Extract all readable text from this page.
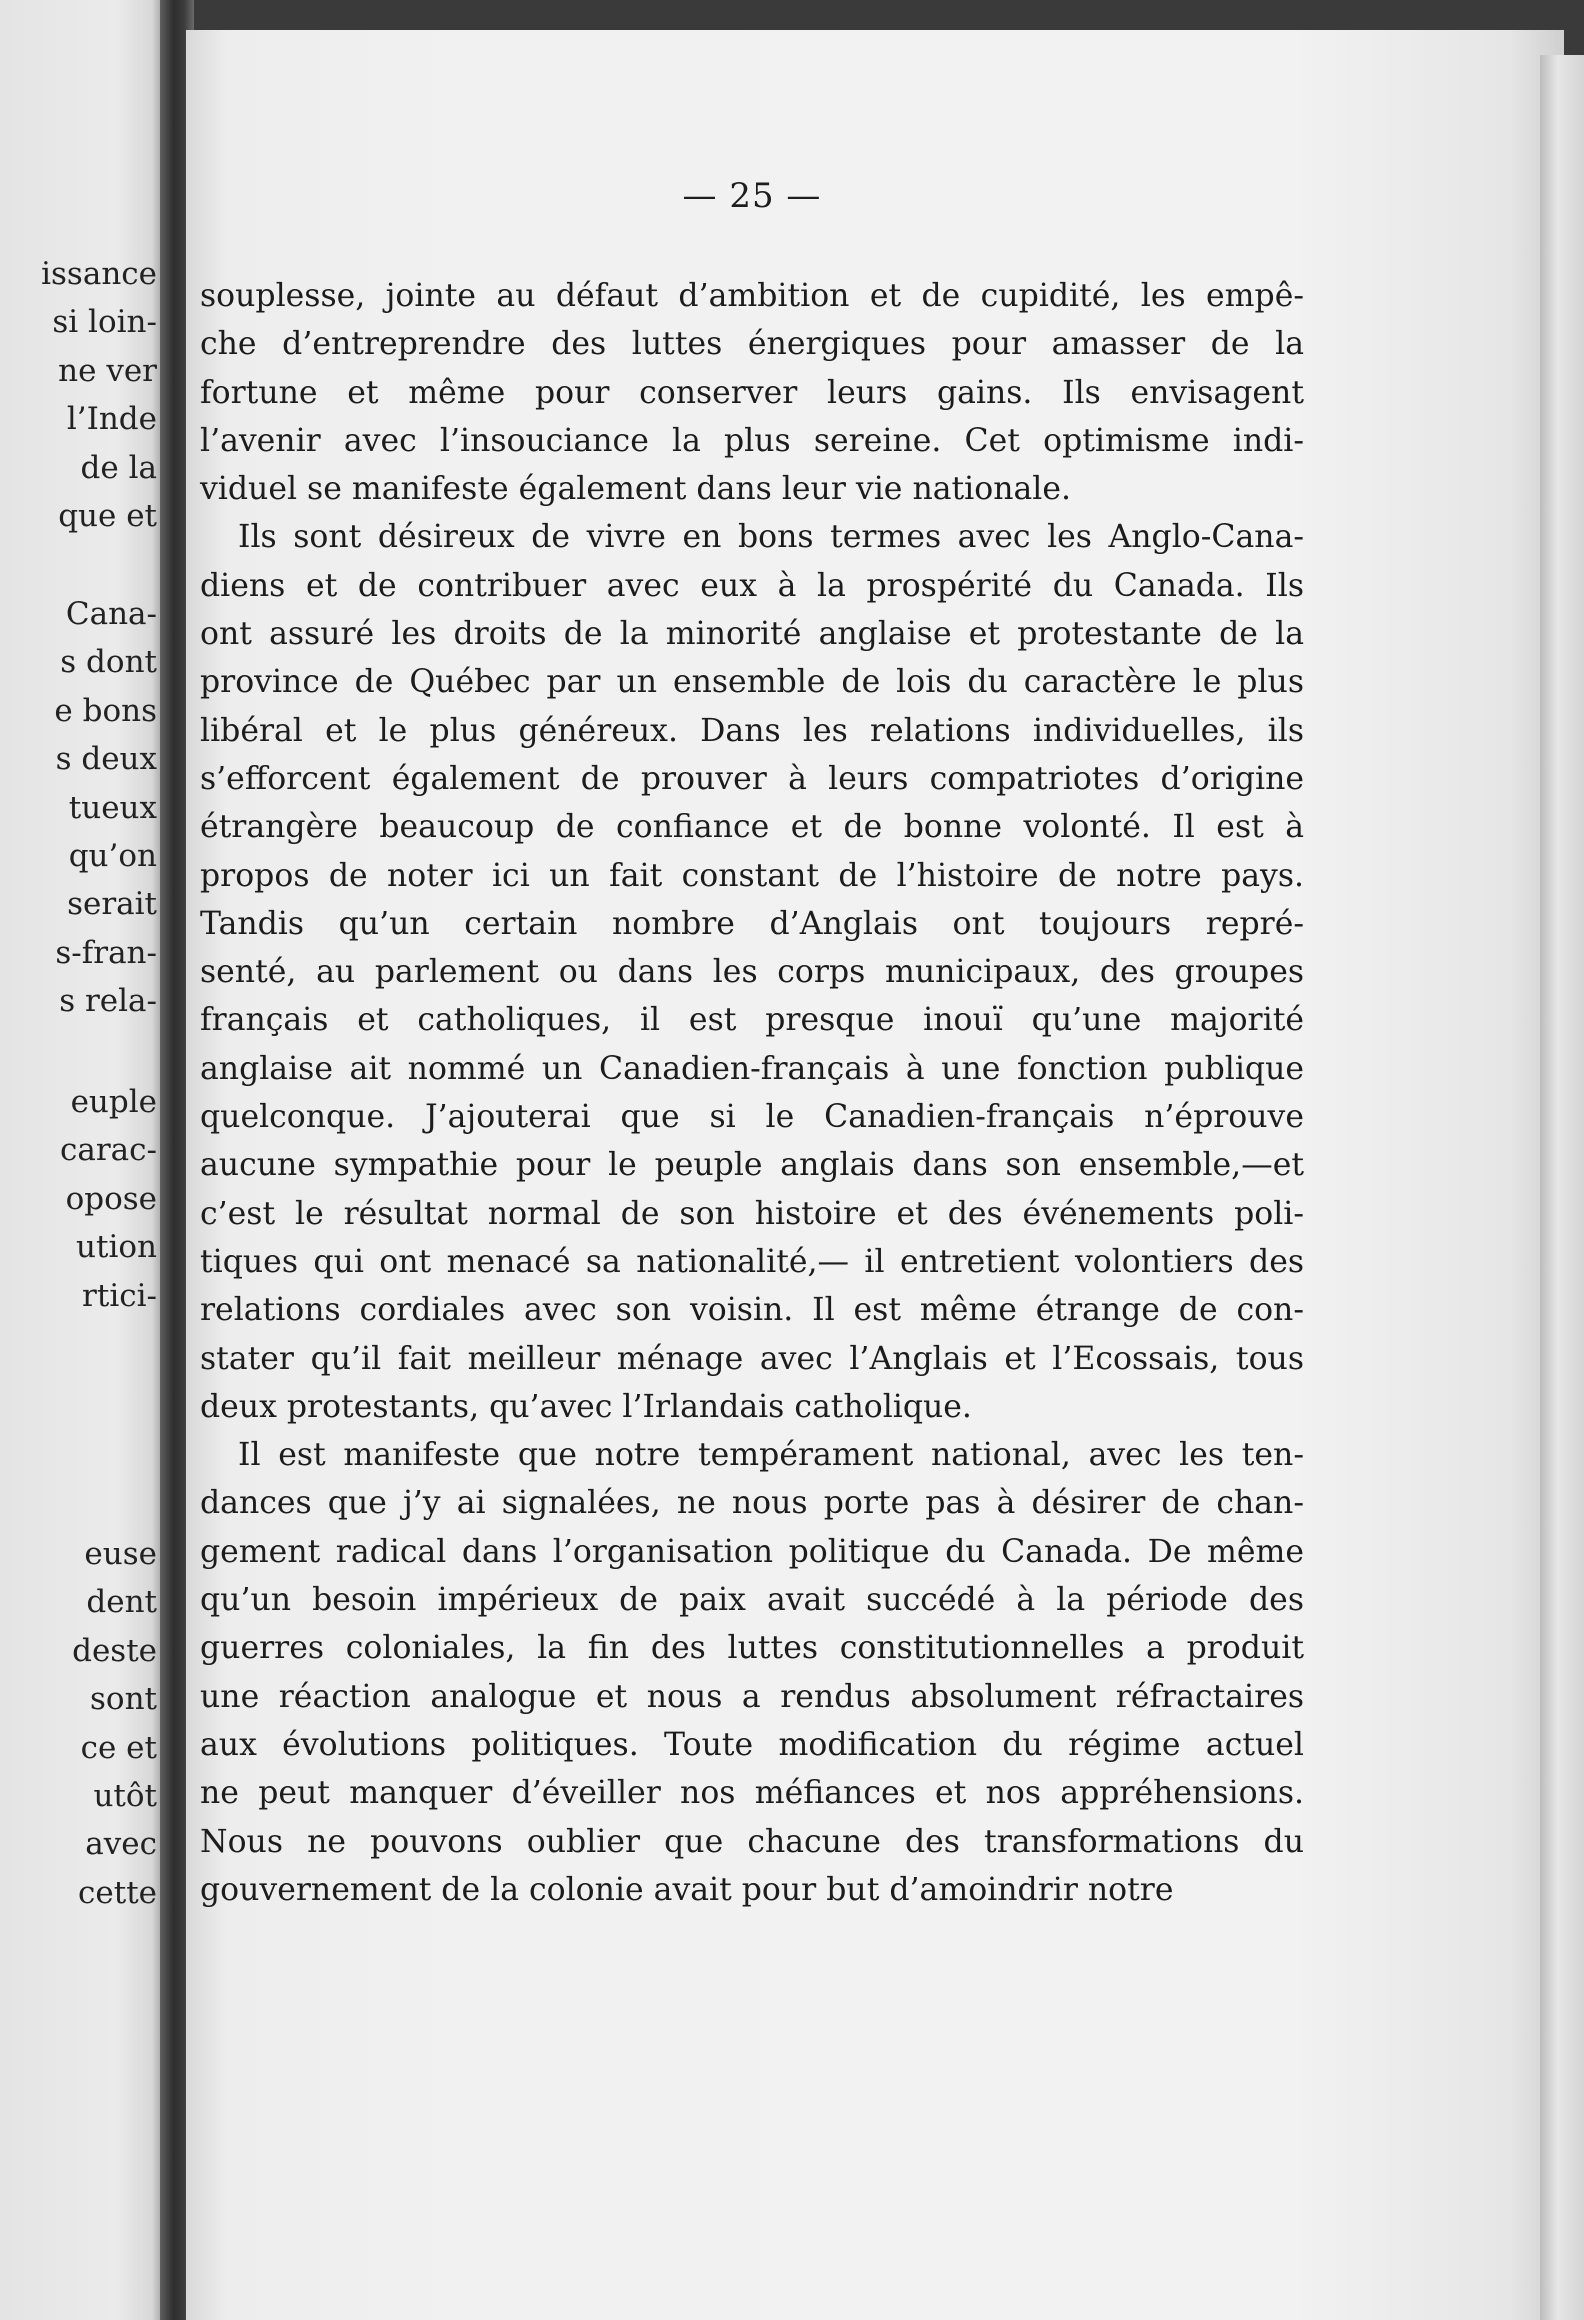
issance
si loin-
ne ver
l’Inde
de la
que et
Cana-
s dont
e bons
s deux
tueux
qu’on
serait
s-fran-
s rela-
euple
carac-
opose
ution
rtici-
euse
dent
deste
sont
ce et
utôt
avec
cette
— 25 —

souplesse, jointe au défaut d’ambition et de cupidité, les empê-
che d’entreprendre des luttes énergiques pour amasser de la
fortune et même pour conserver leurs gains. Ils envisagent
l’avenir avec l’insouciance la plus sereine. Cet optimisme indi-
viduel se manifeste également dans leur vie nationale.

Ils sont désireux de vivre en bons termes avec les Anglo-Cana-
diens et de contribuer avec eux à la prospérité du Canada. Ils
ont assuré les droits de la minorité anglaise et protestante de la
province de Québec par un ensemble de lois du caractère le plus
libéral et le plus généreux. Dans les relations individuelles, ils
s’efforcent également de prouver à leurs compatriotes d’origine
étrangère beaucoup de confiance et de bonne volonté. Il est à
propos de noter ici un fait constant de l’histoire de notre pays.
Tandis qu’un certain nombre d’Anglais ont toujours repré-
senté, au parlement ou dans les corps municipaux, des groupes
français et catholiques, il est presque inouï qu’une majorité
anglaise ait nommé un Canadien-français à une fonction publique
quelconque. J’ajouterai que si le Canadien-français n’éprouve
aucune sympathie pour le peuple anglais dans son ensemble,—et
c’est le résultat normal de son histoire et des événements poli-
tiques qui ont menacé sa nationalité,— il entretient volontiers des
relations cordiales avec son voisin. Il est même étrange de con-
stater qu’il fait meilleur ménage avec l’Anglais et l’Ecossais, tous
deux protestants, qu’avec l’Irlandais catholique.

Il est manifeste que notre tempérament national, avec les ten-
dances que j’y ai signalées, ne nous porte pas à désirer de chan-
gement radical dans l’organisation politique du Canada. De même
qu’un besoin impérieux de paix avait succédé à la période des
guerres coloniales, la fin des luttes constitutionnelles a produit
une réaction analogue et nous a rendus absolument réfractaires
aux évolutions politiques. Toute modification du régime actuel
ne peut manquer d’éveiller nos méfiances et nos appréhensions.
Nous ne pouvons oublier que chacune des transformations du
gouvernement de la colonie avait pour but d’amoindrir notre
